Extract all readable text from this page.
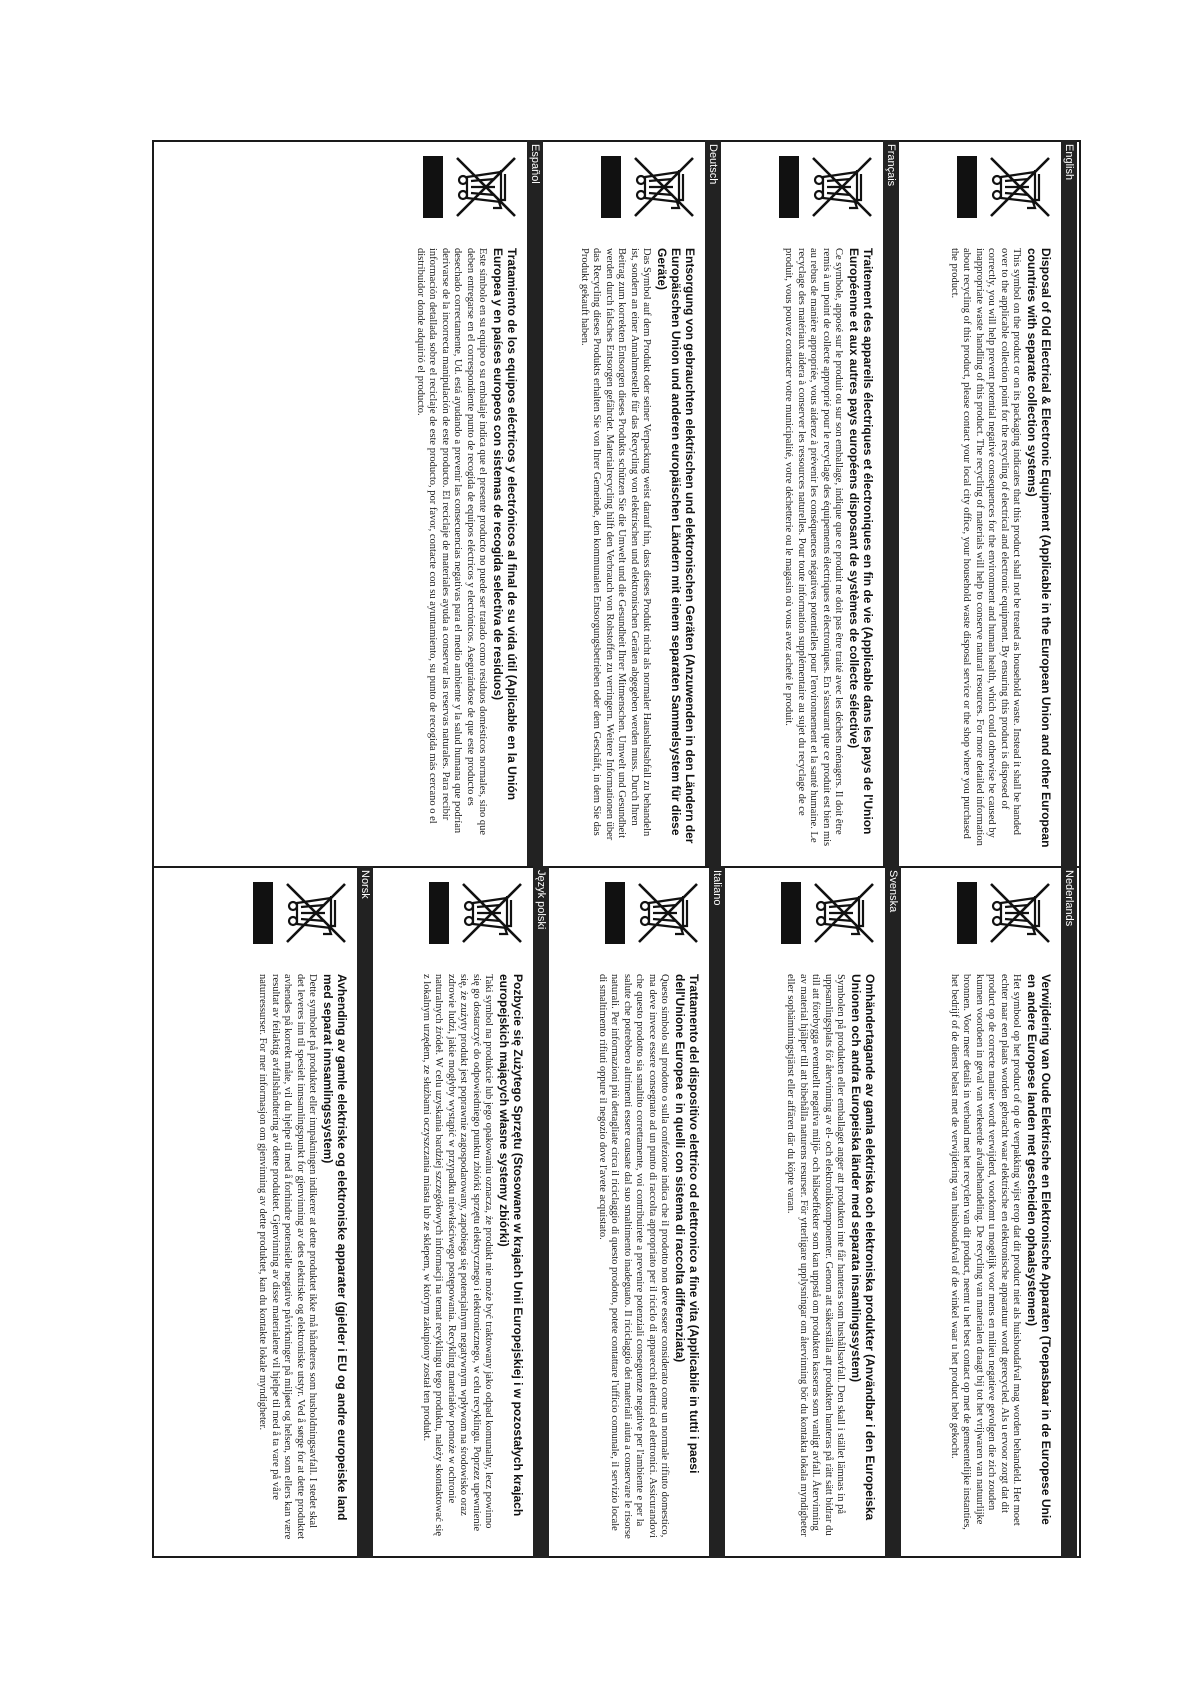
English

Disposal of Old Electrical & Electronic Equipment (Applicable in the European Union and other European countries with separate collection systems)

This symbol on the product or on its packaging indicates that this product shall not be treated as household waste. Instead it shall be handed over to the applicable collection point for the recycling of electrical and electronic equipment. By ensuring this product is disposed of correctly, you will help prevent potential negative consequences for the environment and human health, which could otherwise be caused by inappropriate waste handling of this product. The recycling of materials will help to conserve natural resources. For more detailed information about recycling of this product, please contact your local city office, your household waste disposal service or the shop where you purchased the product.

Français

Traitement des appareils électriques et électroniques en fin de vie (Applicable dans les pays de l'Union Européenne et aux autres pays européens disposant de systèmes de collecte sélective)

Ce symbole, apposé sur le produit ou sur son emballage, indique que ce produit ne doit pas être traité avec les déchets ménagers. Il doit être remis à un point de collecte approprié pour le recyclage des équipements électriques et électroniques. En s'assurant que ce produit est bien mis au rebus de manière appropriée, vous aiderez à prévenir les conséquences négatives potentielles pour l'environnement et la santé humaine. Le recyclage des matériaux aidera à conserver les ressources naturelles. Pour toute information supplémentaire au sujet du recyclage de ce produit, vous pouvez contacter votre municipalité, votre déchetterie ou le magasin où vous avez acheté le produit.

Deutsch

Entsorgung von gebrauchten elektrischen und elektronischen Geräten (Anzuwenden in den Ländern der Europäischen Union und anderen europäischen Ländern mit einem separaten Sammelsystem für diese Geräte)

Das Symbol auf dem Produkt oder seiner Verpackung weist darauf hin, dass dieses Produkt nicht als normaler Haushaltsabfall zu behandeln ist, sondern an einer Annahmestelle für das Recycling von elektrischen und elektronischen Geräten abgegeben werden muss. Durch Ihren Beitrag zum korrekten Entsorgen dieses Produkts schützen Sie die Umwelt und die Gesundheit Ihrer Mitmenschen. Umwelt und Gesundheit werden durch falsches Entsorgen gefährdet. Materialrecycling hilft den Verbrauch von Rohstoffen zu verringern. Weitere Informationen über das Recycling dieses Produkts erhalten Sie von Ihrer Gemeinde, den kommunalen Entsorgungsbetrieben oder dem Geschäft, in dem Sie das Produkt gekauft haben.

Español

Tratamiento de los equipos eléctricos y electrónicos al final de su vida útil (Aplicable en la Unión Europea y en países europeos con sistemas de recogida selectiva de residuos)

Este símbolo en su equipo o su embalaje indica que el presente producto no puede ser tratado como residuos domésticos normales, sino que deben entregarse en el correspondiente punto de recogida de equipos eléctricos y electrónicos. Asegurándose de que este producto es desechado correctamente, Ud. está ayudando a prevenir las consecuencias negativas para el medio ambiente y la salud humana que podrían derivarse de la incorrecta manipulación de este producto. El reciclaje de materiales ayuda a conservar las reservas naturales. Para recibir información detallada sobre el reciclaje de este producto, por favor, contacte con su ayuntamiento, su punto de recogida más cercano o el distribuidor donde adquirió el producto.

Nederlands

Verwijdering van Oude Elektrische en Elektronische Apparaten (Toepasbaar in de Europese Unie en andere Europese landen met gescheiden ophaalsystemen)

Het symbool op het product of op de verpakking wijst erop dat dit product niet als huishoudafval mag worden behandeld. Het moet echter naar een plaats worden gebracht waar elektrische en elektronische apparatuur wordt gerecycled. Als u ervoor zorgt dat dit product op de correcte manier wordt verwijderd, voorkomt u mogelijk voor mens en milieu negatieve gevolgen die zich zouden kunnen voordoen in geval van verkeerde afvalbehandeling. De recycling van materialen draagt bij tot het vrijwaren van natuurlijke bronnen. Voor meer details in verband met het recyclen van dit product, neemt u het best contact op met de gemeentelijke instanties, het bedrijf of de dienst belast met de verwijdering van huishoudafval of de winkel waar u het product hebt gekocht.

Svenska

Omhändertagande av gamla elektriska och elektroniska produkter (Användbar i den Europeiska Unionen och andra Europeiska länder med separata insamlingssystem)

Symbolen på produkten eller emballaget anger att produkten inte får hanteras som hushållsavfall. Den skall i stället lämnas in på uppsamlingsplats för återvinning av el- och elektronikkomponenter. Genom att säkerställa att produkten hanteras på rätt sätt bidrar du till att förebygga eventuellt negativa miljö- och hälsoeffekter som kan uppstå om produkten kasseras som vanligt avfall. Återvinning av material hjälper till att bibehålla naturens resurser. För ytterligare upplysningar om återvinning bör du kontakta lokala myndigheter eller sophämtningstjänst eller affären där du köpte varan.

Italiano

Trattamento del dispositivo elettrico od elettronico a fine vita (Applicabile in tutti i paesi dell'Unione Europea e in quelli con sistema di raccolta differenziata)

Questo simbolo sul prodotto o sulla confezione indica che il prodotto non deve essere considerato come un normale rifiuto domestico, ma deve invece essere consegnato ad un punto di raccolta appropriato per il riciclo di apparecchi elettrici ed elettronici. Assicurandovi che questo prodotto sia smaltito correttamente, voi contribuirete a prevenire potenziali conseguenze negative per l'ambiente e per la salute che potrebbero altrimenti essere causate dal suo smaltimento inadeguato. Il riciclaggio dei materiali aiuta a conservare le risorse naturali. Per informazioni più dettagliate circa il riciclaggio di questo prodotto, potete contattare l'ufficio comunale, il servizio locale di smaltimento rifiuti oppure il negozio dove l'avete acquistato.

Język polski

Pozbycie się Zużytego Sprzętu (Stosowane w krajach Unii Europejskiej i w pozostałych krajach europejskich mających własne systemy zbiórki)

Taki symbol na produkcie lub jego opakowaniu oznacza, że produkt nie może być traktowany jako odpad komunalny, lecz powinno się go dostarczyć do odpowiedniego punktu zbiórki sprzętu elektrycznego i elektronicznego, w celu recyklingu. Poprzez upewnienie się, że zużyty produkt jest poprawnie zagospodarowany, zapobiega się potencjalnym negatywnym wpływom na środowisko oraz zdrowie ludzi, jakie mogłyby wystąpić w przypadku niewłaściwego postępowania. Recykling materiałów pomoże w ochronie naturalnych źródeł. W celu uzyskania bardziej szczegółowych informacji na temat recyklingu tego produktu, należy skontaktować się z lokalnym urzędem, ze służbami oczyszczania miasta lub ze sklepem, w którym zakupiony został ten produkt.

Norsk

Avhending av gamle elektriske og elektroniske apparater (gjelder i EU og andre europeiske land med separat innsamlingssystem)

Dette symbolet på produktet eller innpakningen indikerer at dette produktet ikke må håndteres som husholdningsavfall. I stedet skal det leveres inn til spesielt innsamlingspunkt for gjenvinning av dets elektriske og elektroniske utstyr. Ved å sørge for at dette produktet avhendes på korrekt måte, vil du hjelpe til med å forhindre potensielle negative påvirkninger på miljøet og helsen, som ellers kan være resultat av feilaktig avfallshåndtering av dette produktet. Gjenvinning av disse materialene vil hjelpe til med å ta vare på våre naturressurser. For mer informasjon om gjenvinning av dette produktet, kan du kontakte lokale myndigheter.
